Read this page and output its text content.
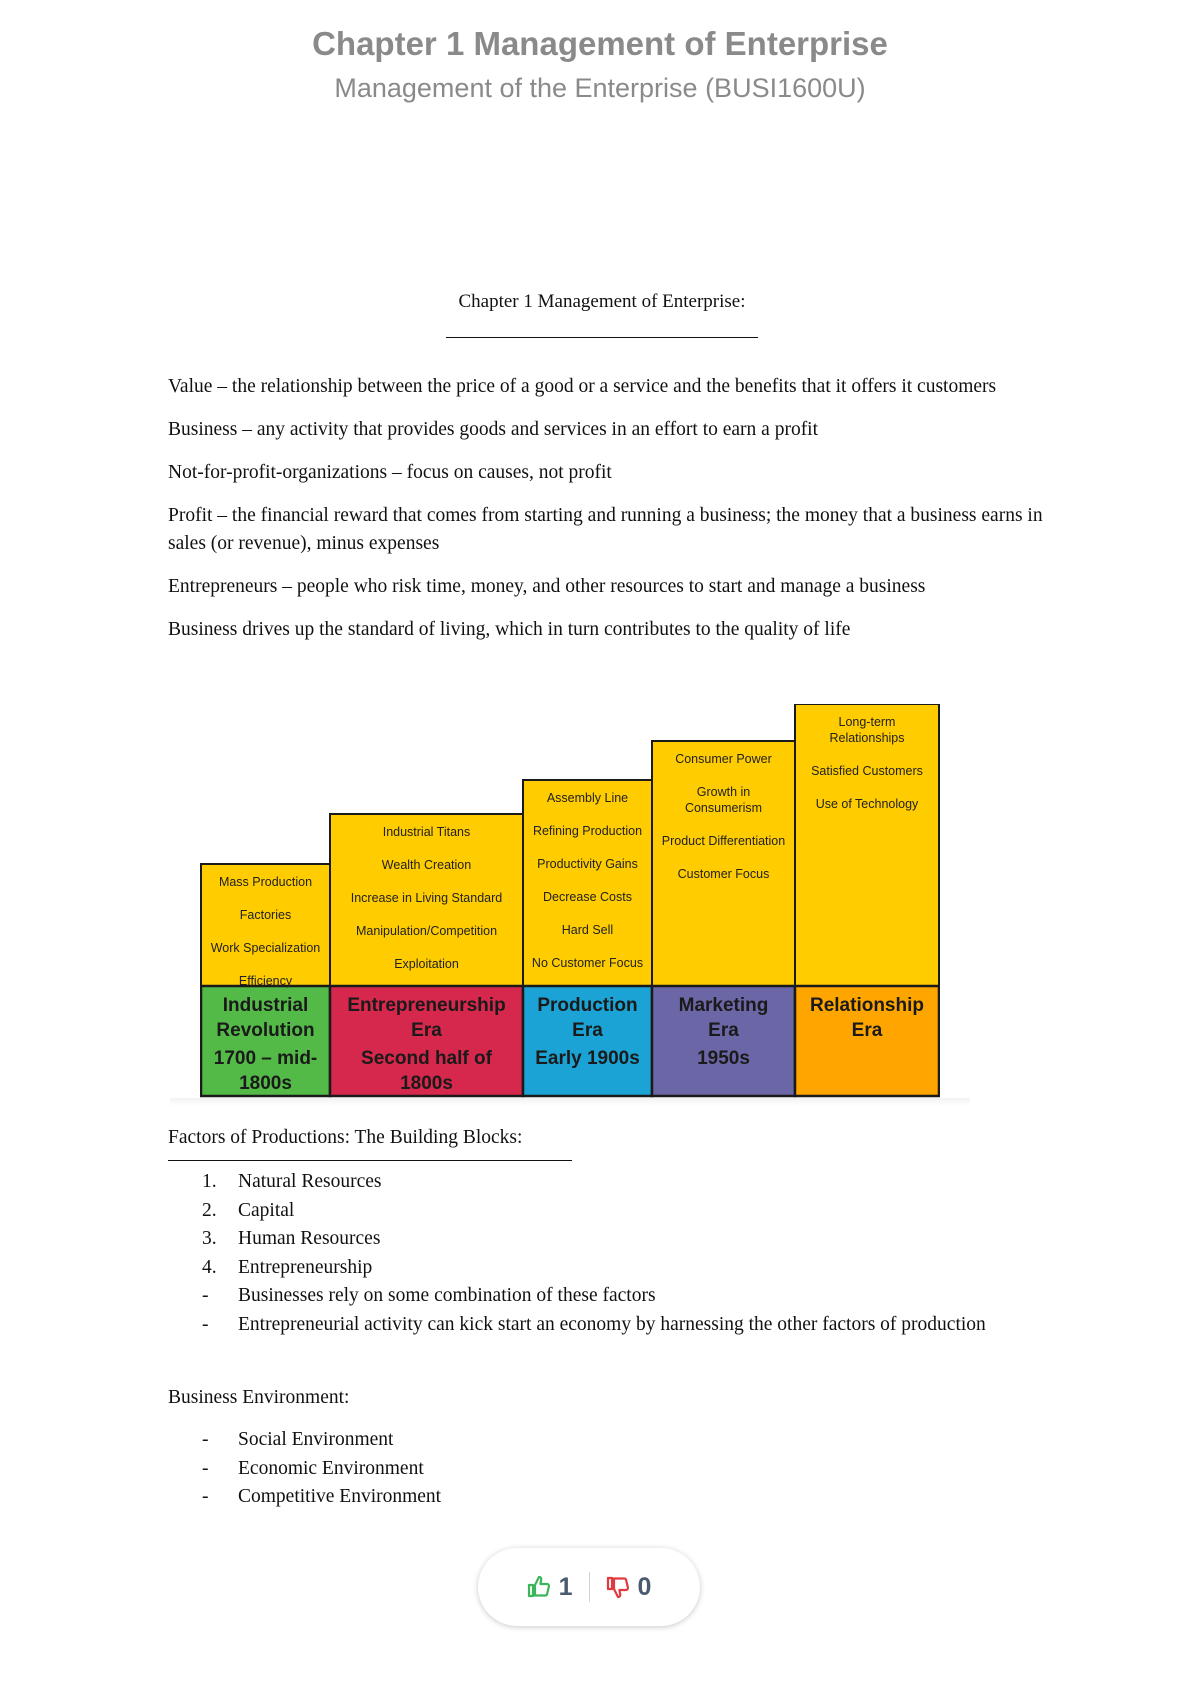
Chapter 1 Management of Enterprise
Management of the Enterprise (BUSI1600U)
Chapter 1 Management of Enterprise:

Value – the relationship between the price of a good or a service and the benefits that it offers it customers

Business – any activity that provides goods and services in an effort to earn a profit

Not-for-profit-organizations – focus on causes, not profit

Profit – the financial reward that comes from starting and running a business; the money that a business earns in sales (or revenue), minus expenses

Entrepreneurs – people who risk time, money, and other resources to start and manage a business

Business drives up the standard of living, which in turn contributes to the quality of life

Mass Production
Factories
Work Specialization
Efficiency
Industrial
Revolution
1700 – mid-
1800s
Industrial Titans
Wealth Creation
Increase in Living Standard
Manipulation/Competition
Exploitation
Entrepreneurship
Era
Second half of
1800s
Assembly Line
Refining Production
Productivity Gains
Decrease Costs
Hard Sell
No Customer Focus
Production
Era
Early 1900s
Consumer Power
Growth in Consumerism
Product Differentiation
Customer Focus
Marketing
Era
1950s
Long-term Relationships
Satisfied Customers
Use of Technology
Relationship
Era
Factors of Productions: The Building Blocks:
1.	Natural Resources
2.	Capital
3.	Human Resources
4.	Entrepreneurship
-	Businesses rely on some combination of these factors
-	Entrepreneurial activity can kick start an economy by harnessing the other factors of production
Business Environment:
-	Social Environment
-	Economic Environment
-	Competitive Environment
1	0
